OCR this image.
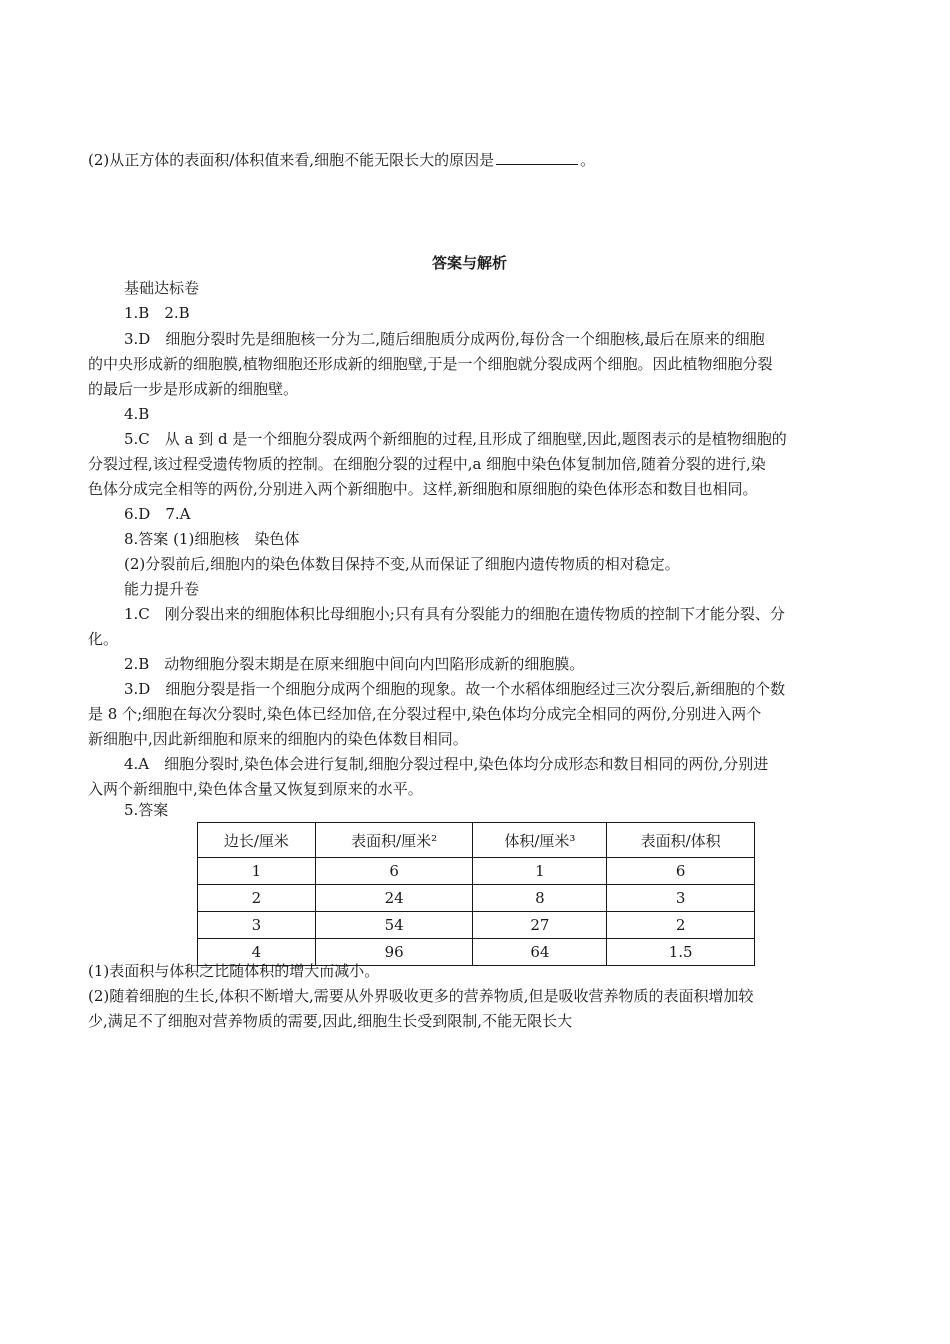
(2)从正方体的表面积/体积值来看,细胞不能无限长大的原因是	。
答案与解析
基础达标卷
1.B　2.B
3.D　细胞分裂时先是细胞核一分为二,随后细胞质分成两份,每份含一个细胞核,最后在原来的细胞
的中央形成新的细胞膜,植物细胞还形成新的细胞壁,于是一个细胞就分裂成两个细胞。因此植物细胞分裂
的最后一步是形成新的细胞壁。
4.B
5.C　从 a 到 d 是一个细胞分裂成两个新细胞的过程,且形成了细胞壁,因此,题图表示的是植物细胞的
分裂过程,该过程受遗传物质的控制。在细胞分裂的过程中,a 细胞中染色体复制加倍,随着分裂的进行,染
色体分成完全相等的两份,分别进入两个新细胞中。这样,新细胞和原细胞的染色体形态和数目也相同。
6.D　7.A
8.答案 (1)细胞核　染色体
(2)分裂前后,细胞内的染色体数目保持不变,从而保证了细胞内遗传物质的相对稳定。
能力提升卷
1.C　刚分裂出来的细胞体积比母细胞小;只有具有分裂能力的细胞在遗传物质的控制下才能分裂、分
化。
2.B　动物细胞分裂末期是在原来细胞中间向内凹陷形成新的细胞膜。
3.D　细胞分裂是指一个细胞分成两个细胞的现象。故一个水稻体细胞经过三次分裂后,新细胞的个数
是 8 个;细胞在每次分裂时,染色体已经加倍,在分裂过程中,染色体均分成完全相同的两份,分别进入两个
新细胞中,因此新细胞和原来的细胞内的染色体数目相同。
4.A　细胞分裂时,染色体会进行复制,细胞分裂过程中,染色体均分成形态和数目相同的两份,分别进
入两个新细胞中,染色体含量又恢复到原来的水平。
5.答案
边长/厘米	表面积/厘米²	体积/厘米³	表面积/体积
1	6	1	6
2	24	8	3
3	54	27	2
4	96	64	1.5
(1)表面积与体积之比随体积的增大而减小。
(2)随着细胞的生长,体积不断增大,需要从外界吸收更多的营养物质,但是吸收营养物质的表面积增加较
少,满足不了细胞对营养物质的需要,因此,细胞生长受到限制,不能无限长大
